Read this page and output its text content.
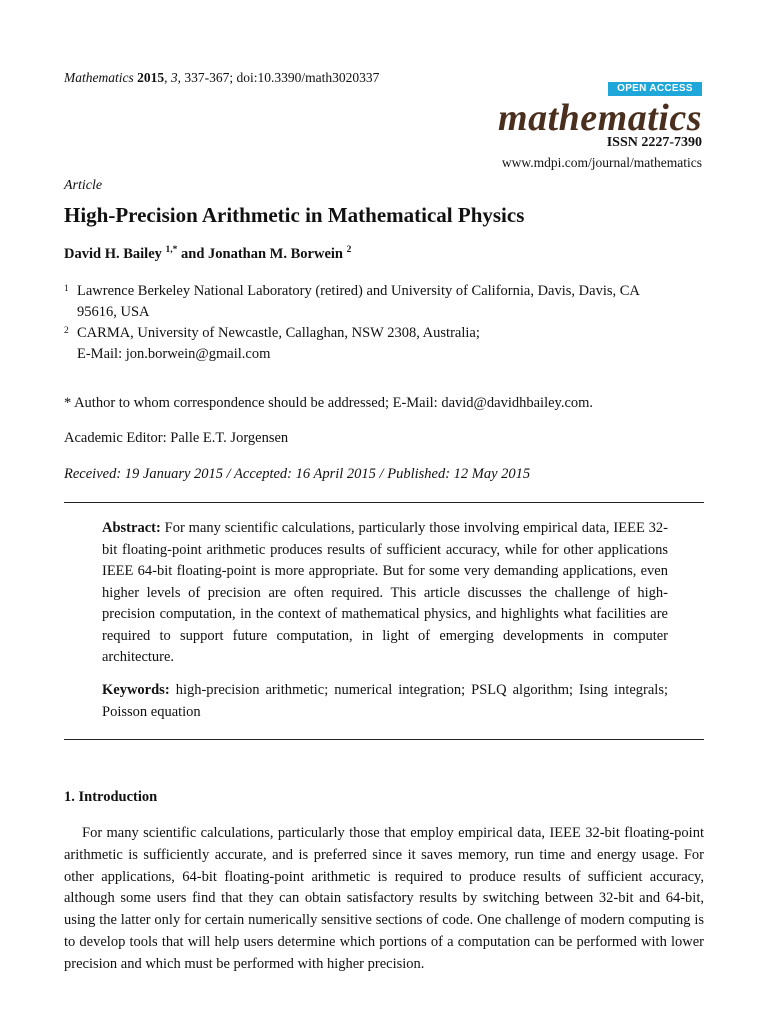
Mathematics 2015, 3, 337-367; doi:10.3390/math3020337
OPEN ACCESS
mathematics
ISSN 2227-7390
www.mdpi.com/journal/mathematics
Article
High-Precision Arithmetic in Mathematical Physics
David H. Bailey $^{1,*}$ and Jonathan M. Borwein $^2$
1 Lawrence Berkeley National Laboratory (retired) and University of California, Davis, Davis, CA
95616, USA
2 CARMA, University of Newcastle, Callaghan, NSW 2308, Australia;
E-Mail: jon.borwein@gmail.com
* Author to whom correspondence should be addressed; E-Mail: david@davidhbailey.com.
Academic Editor: Palle E.T. Jorgensen
Received: 19 January 2015 / Accepted: 16 April 2015 / Published: 12 May 2015
Abstract: For many scientific calculations, particularly those involving empirical data, IEEE 32-bit floating-point arithmetic produces results of sufficient accuracy, while for other applications IEEE 64-bit floating-point is more appropriate. But for some very demanding applications, even higher levels of precision are often required. This article discusses the challenge of high-precision computation, in the context of mathematical physics, and highlights what facilities are required to support future computation, in light of emerging developments in computer architecture.
Keywords: high-precision arithmetic; numerical integration; PSLQ algorithm; Ising integrals; Poisson equation
1. Introduction
For many scientific calculations, particularly those that employ empirical data, IEEE 32-bit floating-point arithmetic is sufficiently accurate, and is preferred since it saves memory, run time and energy usage. For other applications, 64-bit floating-point arithmetic is required to produce results of sufficient accuracy, although some users find that they can obtain satisfactory results by switching between 32-bit and 64-bit, using the latter only for certain numerically sensitive sections of code. One challenge of modern computing is to develop tools that will help users determine which portions of a computation can be performed with lower precision and which must be performed with higher precision.
